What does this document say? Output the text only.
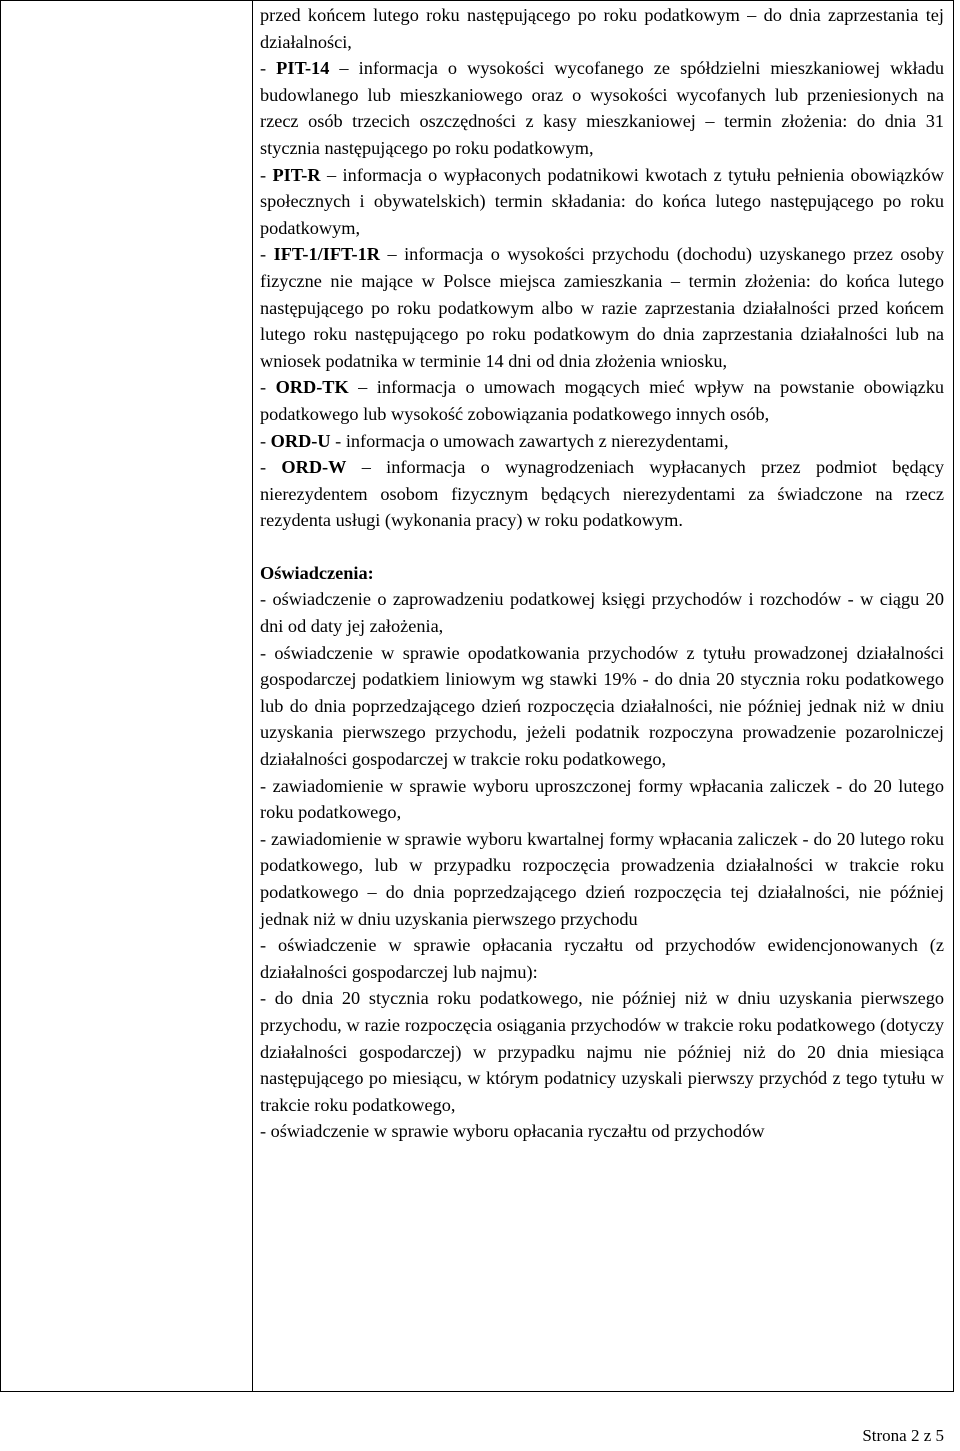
przed końcem lutego roku następującego po roku podatkowym – do dnia zaprzestania tej działalności,

- PIT-14 – informacja o wysokości wycofanego ze spółdzielni mieszkaniowej wkładu budowlanego lub mieszkaniowego oraz o wysokości wycofanych lub przeniesionych na rzecz osób trzecich oszczędności z kasy mieszkaniowej – termin złożenia: do dnia 31 stycznia następującego po roku podatkowym,

- PIT-R – informacja o wypłaconych podatnikowi kwotach z tytułu pełnienia obowiązków społecznych i obywatelskich) termin składania: do końca lutego następującego po roku podatkowym,

- IFT-1/IFT-1R – informacja o wysokości przychodu (dochodu) uzyskanego przez osoby fizyczne nie mające w Polsce miejsca zamieszkania – termin złożenia: do końca lutego następującego po roku podatkowym albo w razie zaprzestania działalności przed końcem lutego roku następującego po roku podatkowym do dnia zaprzestania działalności lub na wniosek podatnika w terminie 14 dni od dnia złożenia wniosku,

- ORD-TK – informacja o umowach mogących mieć wpływ na powstanie obowiązku podatkowego lub wysokość zobowiązania podatkowego innych osób,

- ORD-U - informacja o umowach zawartych z nierezydentami,

- ORD-W – informacja o wynagrodzeniach wypłacanych przez podmiot będący nierezydentem osobom fizycznym będących nierezydentami za świadczone na rzecz rezydenta usługi (wykonania pracy) w roku podatkowym.

Oświadczenia:

- oświadczenie o zaprowadzeniu podatkowej księgi przychodów i rozchodów - w ciągu 20 dni od daty jej założenia,

- oświadczenie w sprawie opodatkowania przychodów z tytułu prowadzonej działalności gospodarczej podatkiem liniowym wg stawki 19% - do dnia 20 stycznia roku podatkowego lub do dnia poprzedzającego dzień rozpoczęcia działalności, nie później jednak niż w dniu uzyskania pierwszego przychodu, jeżeli podatnik rozpoczyna prowadzenie pozarolniczej działalności gospodarczej w trakcie roku podatkowego,

- zawiadomienie w sprawie wyboru uproszczonej formy wpłacania zaliczek - do 20 lutego roku podatkowego,

- zawiadomienie w sprawie wyboru kwartalnej formy wpłacania zaliczek - do 20 lutego roku podatkowego, lub w przypadku rozpoczęcia prowadzenia działalności w trakcie roku podatkowego – do dnia poprzedzającego dzień rozpoczęcia tej działalności, nie później jednak niż w dniu uzyskania pierwszego przychodu

- oświadczenie w sprawie opłacania ryczałtu od przychodów ewidencjonowanych (z działalności gospodarczej lub najmu):

- do dnia 20 stycznia roku podatkowego, nie później niż w dniu uzyskania pierwszego przychodu, w razie rozpoczęcia osiągania przychodów w trakcie roku podatkowego (dotyczy działalności gospodarczej) w przypadku najmu nie później niż do 20 dnia miesiąca następującego po miesiącu, w którym podatnicy uzyskali pierwszy przychód z tego tytułu w trakcie roku podatkowego,

- oświadczenie w sprawie wyboru opłacania ryczałtu od przychodów

Strona 2 z 5
